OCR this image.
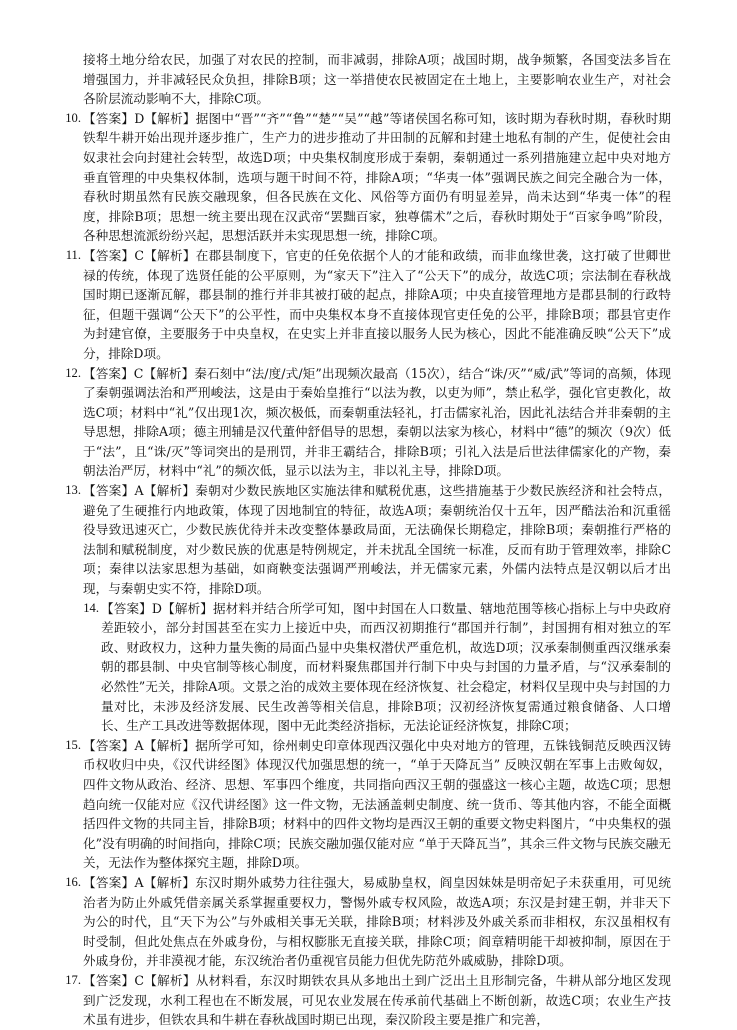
接将土地分给农民，加强了对农民的控制，而非减弱，排除A项；战国时期，战争频繁，各国变法多旨在增强国力，并非减轻民众负担，排除B项；这一举措使农民被固定在土地上，主要影响农业生产，对社会各阶层流动影响不大，排除C项。

10. 【答案】D【解析】据图中“晋”“齐”“鲁”“楚”“吴”“越”等诸侯国名称可知，该时期为春秋时期，春秋时期铁犁牛耕开始出现并逐步推广，生产力的进步推动了井田制的瓦解和封建土地私有制的产生，促使社会由奴隶社会向封建社会转型，故选D项；中央集权制度形成于秦朝，秦朝通过一系列措施建立起中央对地方垂直管理的中央集权体制，选项与题干时间不符，排除A项；“华夷一体”强调民族之间完全融合为一体，春秋时期虽然有民族交融现象，但各民族在文化、风俗等方面仍有明显差异，尚未达到“华夷一体”的程度，排除B项；思想一统主要出现在汉武帝“罢黜百家，独尊儒术”之后，春秋时期处于“百家争鸣”阶段，各种思想流派纷纷兴起，思想活跃并未实现思想一统，排除C项。

11. 【答案】C【解析】在郡县制度下，官吏的任免依据个人的才能和政绩，而非血缘世袭，这打破了世卿世禄的传统，体现了选贤任能的公平原则，为“家天下”注入了“公天下”的成分，故选C项；宗法制在春秋战国时期已逐渐瓦解，郡县制的推行并非其被打破的起点，排除A项；中央直接管理地方是郡县制的行政特征，但题干强调“公天下”的公平性，而中央集权本身不直接体现官吏任免的公平，排除B项；郡县官吏作为封建官僚，主要服务于中央皇权，在史实上并非直接以服务人民为核心，因此不能准确反映“公天下”成分，排除D项。

12. 【答案】C【解析】秦石刻中“法/度/式/矩”出现频次最高（15次），结合“诛/灭”“威/武”等词的高频，体现了秦朝强调法治和严刑峻法，这是由于秦始皇推行“以法为教，以吏为师”，禁止私学，强化官吏教化，故选C项；材料中“礼”仅出现1次，频次极低，而秦朝重法轻礼，打击儒家礼治，因此礼法结合并非秦朝的主导思想，排除A项；德主刑辅是汉代董仲舒倡导的思想，秦朝以法家为核心，材料中“德”的频次（9次）低于“法”，且“诛/灭”等词突出的是刑罚，并非王霸结合，排除B项；引礼入法是后世法律儒家化的产物，秦朝法治严厉，材料中“礼”的频次低，显示以法为主，非以礼主导，排除D项。

13. 【答案】A【解析】秦朝对少数民族地区实施法律和赋税优惠，这些措施基于少数民族经济和社会特点，避免了生硬推行内地政策，体现了因地制宜的特征，故选A项；秦朝统治仅十五年，因严酷法治和沉重徭役导致迅速灭亡，少数民族优待并未改变整体暴政局面，无法确保长期稳定，排除B项；秦朝推行严格的法制和赋税制度，对少数民族的优惠是特例规定，并未扰乱全国统一标准，反而有助于管理效率，排除C项；秦律以法家思想为基础，如商鞅变法强调严刑峻法，并无儒家元素，外儒内法特点是汉朝以后才出现，与秦朝史实不符，排除D项。

14. 【答案】D【解析】据材料并结合所学可知，图中封国在人口数量、辖地范围等核心指标上与中央政府差距较小，部分封国甚至在实力上接近中央，而西汉初期推行“郡国并行制”，封国拥有相对独立的军政、财政权力，这种力量失衡的局面凸显中央集权潜伏严重危机，故选D项；汉承秦制侧重西汉继承秦朝的郡县制、中央官制等核心制度，而材料聚焦郡国并行制下中央与封国的力量矛盾，与“汉承秦制的必然性”无关，排除A项。文景之治的成效主要体现在经济恢复、社会稳定，材料仅呈现中央与封国的力量对比，未涉及经济发展、民生改善等相关信息，排除B项；汉初经济恢复需通过粮食储备、人口增长、生产工具改进等数据体现，图中无此类经济指标，无法论证经济恢复，排除C项；

15. 【答案】A【解析】据所学可知，徐州刺史印章体现西汉强化中央对地方的管理，五铢钱铜范反映西汉铸币权收归中央，《汉代讲经图》体现汉代加强思想的统一，“单于天降瓦当” 反映汉朝在军事上击败匈奴，四件文物从政治、经济、思想、军事四个维度，共同指向西汉王朝的强盛这一核心主题，故选C项；思想趋向统一仅能对应《汉代讲经图》这一件文物，无法涵盖刺史制度、统一货币、等其他内容，不能全面概括四件文物的共同主旨，排除B项；材料中的四件文物均是西汉王朝的重要文物史料图片，“中央集权的强化”没有明确的时间指向，排除C项；民族交融加强仅能对应 “单于天降瓦当”，其余三件文物与民族交融无关，无法作为整体探究主题，排除D项。

16. 【答案】A【解析】东汉时期外戚势力往往强大，易威胁皇权，阎皇因妹妹是明帝妃子未获重用，可见统治者为防止外戚凭借亲属关系掌握重要权力，警惕外戚专权风险，故选A项；东汉是封建王朝，并非天下为公的时代，且“天下为公”与外戚相关事无关联，排除B项；材料涉及外戚关系而非相权，东汉虽相权有时受制，但此处焦点在外戚身份，与相权膨胀无直接关联，排除C项；阎章精明能干却被抑制，原因在于外戚身份，并非漠视才能，东汉统治者仍重视官员能力但优先防范外戚威胁，排除D项。

17. 【答案】C【解析】从材料看，东汉时期铁农具从多地出土到广泛出土且形制完备，牛耕从部分地区发现到广泛发现，水利工程也在不断发展，可见农业发展在传承前代基础上不断创新，故选C项；农业生产技术虽有进步，但铁农具和牛耕在春秋战国时期已出现，秦汉阶段主要是推广和完善，
